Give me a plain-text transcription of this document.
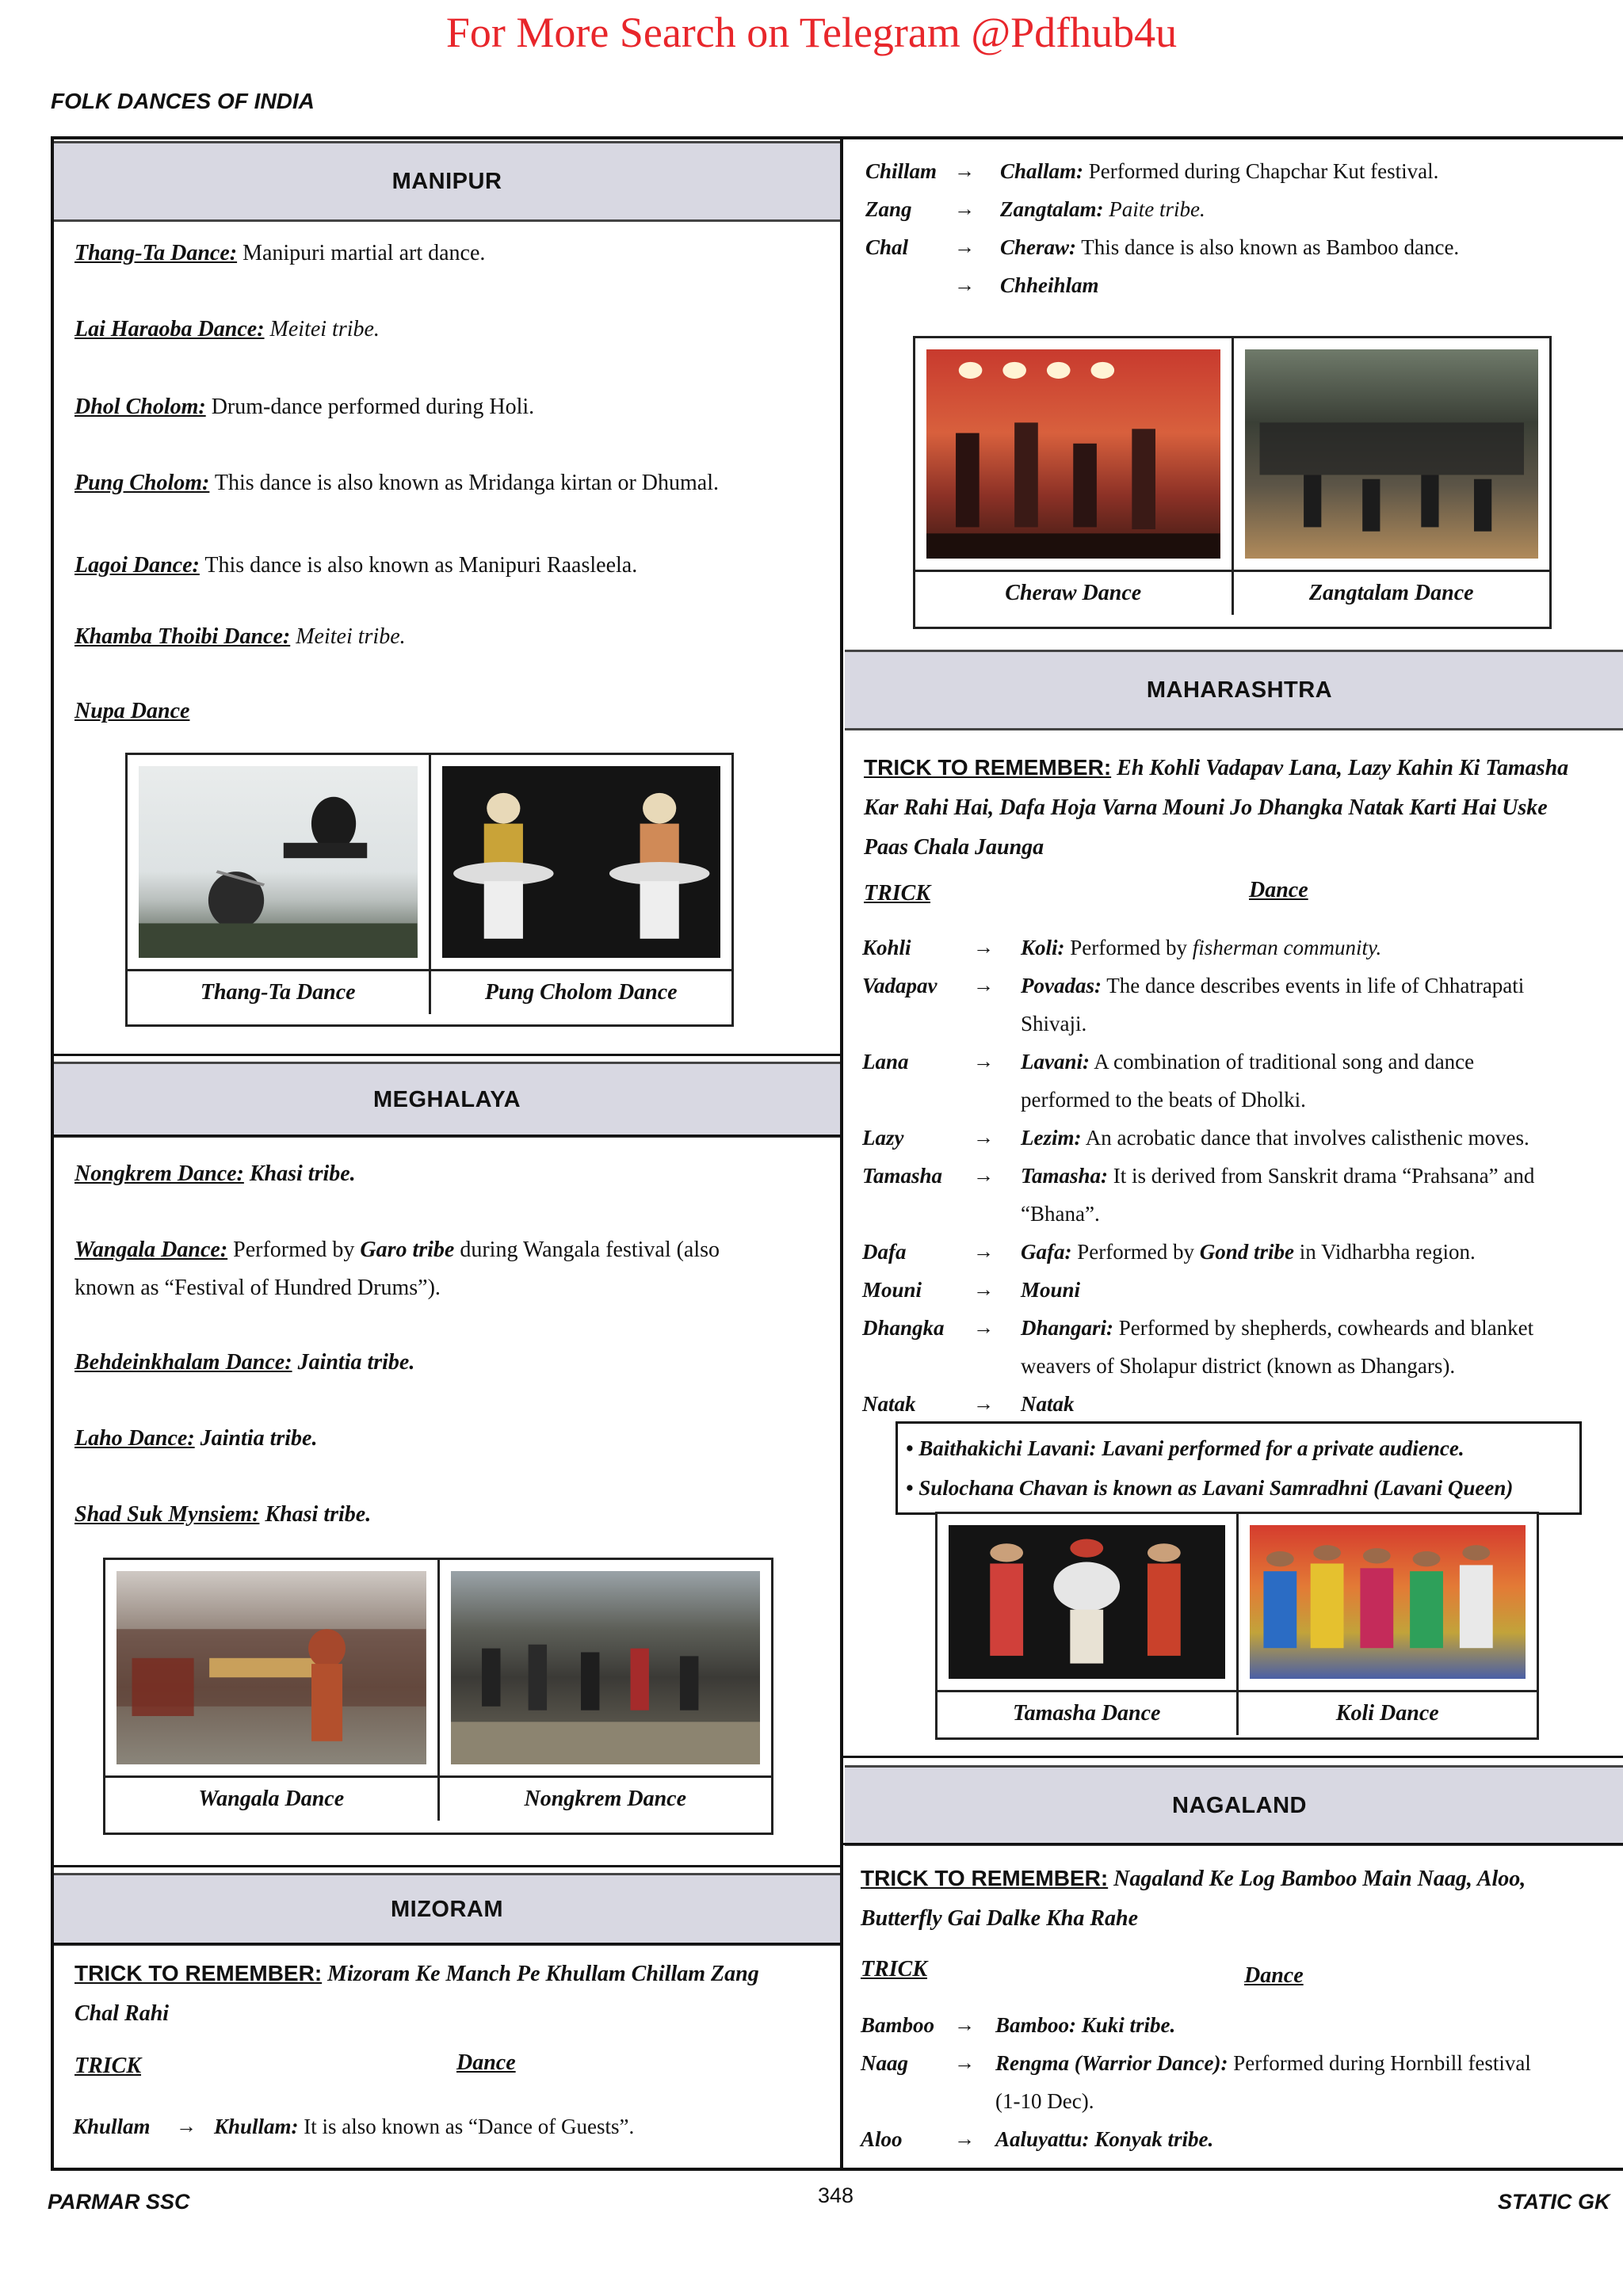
For More Search on Telegram @Pdfhub4u
FOLK DANCES OF INDIA
MANIPUR
Thang-Ta Dance: Manipuri martial art dance.
Lai Haraoba Dance: Meitei tribe.
Dhol Cholom: Drum-dance performed during Holi.
Pung Cholom: This dance is also known as Mridanga kirtan or Dhumal.
Lagoi Dance: This dance is also known as Manipuri Raasleela.
Khamba Thoibi Dance: Meitei tribe.
Nupa Dance
Thang-Ta Dance	Pung Cholom Dance
MEGHALAYA
Nongkrem Dance: Khasi tribe.
Wangala Dance: Performed by Garo tribe during Wangala festival (also
known as “Festival of Hundred Drums”).
Behdeinkhalam Dance: Jaintia tribe.
Laho Dance: Jaintia tribe.
Shad Suk Mynsiem: Khasi tribe.
Wangala Dance	Nongkrem Dance
MIZORAM
TRICK TO REMEMBER: Mizoram Ke Manch Pe Khullam Chillam Zang
Chal Rahi
TRICK	Dance
Khullam	→ Khullam: It is also known as “Dance of Guests”.
Chillam →	Challam: Performed during Chapchar Kut festival.
Zang	→	Zangtalam: Paite tribe.
Chal	→	Cheraw: This dance is also known as Bamboo dance.
→	Chheihlam
Cheraw Dance	Zangtalam Dance
MAHARASHTRA
TRICK TO REMEMBER: Eh Kohli Vadapav Lana, Lazy Kahin Ki Tamasha
Kar Rahi Hai, Dafa Hoja Varna Mouni Jo Dhangka Natak Karti Hai Uske
Paas Chala Jaunga
TRICK	Dance
Kohli	→	Koli: Performed by fisherman community.
Vadapav	→	Povadas: The dance describes events in life of Chhatrapati
Shivaji.
Lana	→	Lavani: A combination of traditional song and dance
performed to the beats of Dholki.
Lazy	→	Lezim: An acrobatic dance that involves calisthenic moves.
Tamasha	→	Tamasha: It is derived from Sanskrit drama “Prahsana” and
“Bhana”.
Dafa	→	Gafa: Performed by Gond tribe in Vidharbha region.
Mouni	→	Mouni
Dhangka	→	Dhangari: Performed by shepherds, cowheards and blanket
weavers of Sholapur district (known as Dhangars).
Natak	→	Natak
• Baithakichi Lavani: Lavani performed for a private audience.
• Sulochana Chavan is known as Lavani Samradhni (Lavani Queen)
Tamasha Dance	Koli Dance
NAGALAND
TRICK TO REMEMBER: Nagaland Ke Log Bamboo Main Naag, Aloo,
Butterfly Gai Dalke Kha Rahe
TRICK	Dance
Bamboo → Bamboo: Kuki tribe.
Naag	→ Rengma (Warrior Dance): Performed during Hornbill festival
(1-10 Dec).
Aloo	→ Aaluyattu: Konyak tribe.
PARMAR SSC	348	STATIC GK
